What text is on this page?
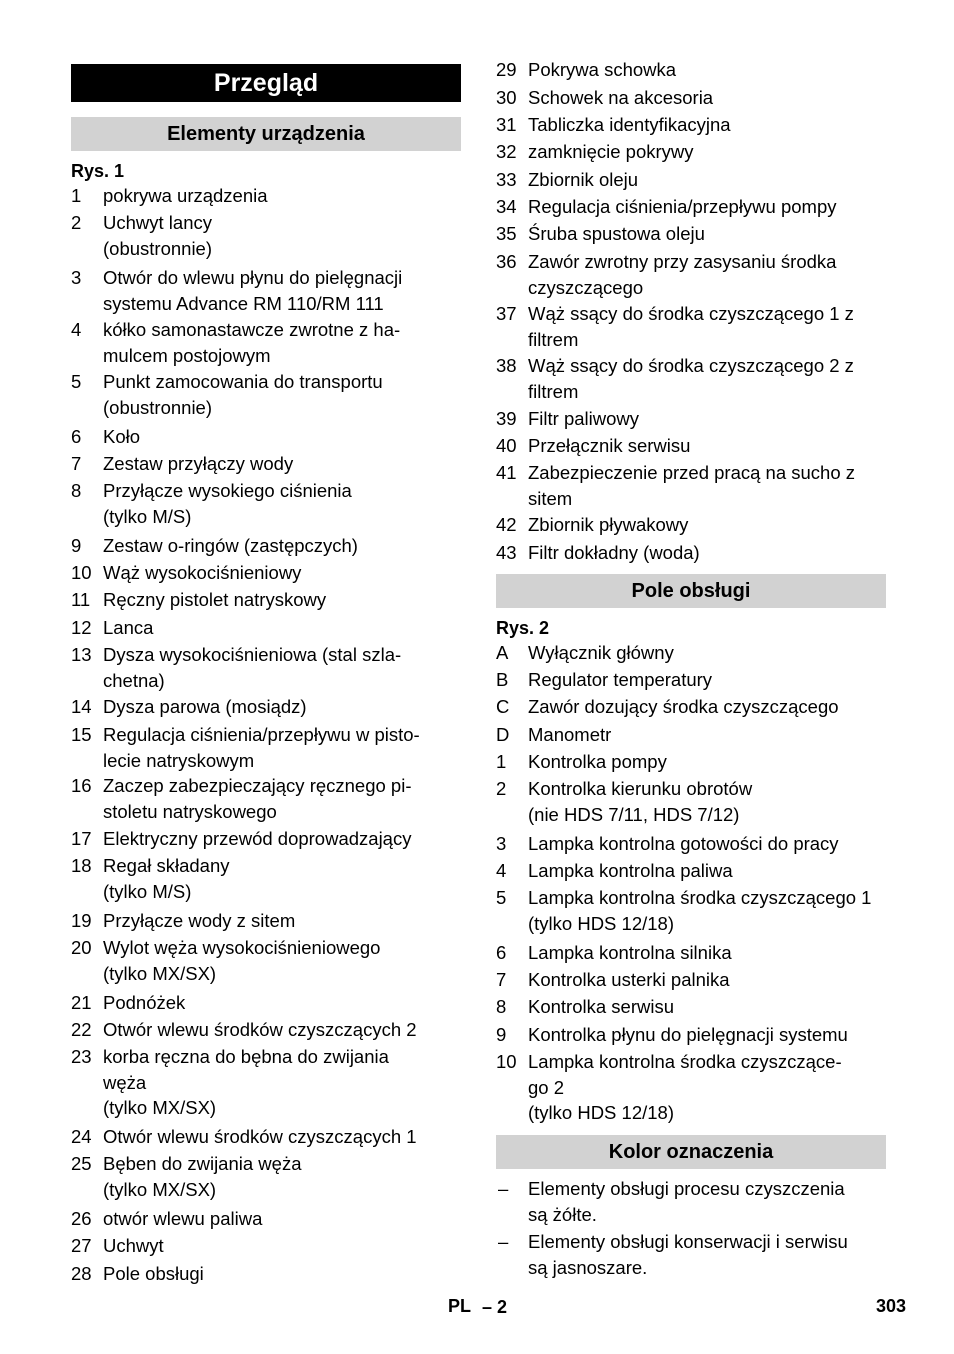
Przegląd
Elementy urządzenia
Rys. 1
1 pokrywa urządzenia
2 Uchwyt lancy
(obustronnie)
3 Otwór do wlewu płynu do pielęgnacji
systemu Advance RM 110/RM 111
4 kółko samonastawcze zwrotne z ha-
mulcem postojowym
5 Punkt zamocowania do transportu
(obustronnie)
6 Koło
7 Zestaw przyłączy wody
8 Przyłącze wysokiego ciśnienia
(tylko M/S)
9 Zestaw o-ringów (zastępczych)
10 Wąż wysokociśnieniowy
11 Ręczny pistolet natryskowy
12 Lanca
13 Dysza wysokociśnieniowa (stal szla-
chetna)
14 Dysza parowa (mosiądz)
15 Regulacja ciśnienia/przepływu w pisto-
lecie natryskowym
16 Zaczep zabezpieczający ręcznego pi-
stoletu natryskowego
17 Elektryczny przewód doprowadzający
18 Regał składany
(tylko M/S)
19 Przyłącze wody z sitem
20 Wylot węża wysokociśnieniowego
(tylko MX/SX)
21 Podnóżek
22 Otwór wlewu środków czyszczących 2
23 korba ręczna do bębna do zwijania
węża
(tylko MX/SX)
24 Otwór wlewu środków czyszczących 1
25 Bęben do zwijania węża
(tylko MX/SX)
26 otwór wlewu paliwa
27 Uchwyt
28 Pole obsługi
29 Pokrywa schowka
30 Schowek na akcesoria
31 Tabliczka identyfikacyjna
32 zamknięcie pokrywy
33 Zbiornik oleju
34 Regulacja ciśnienia/przepływu pompy
35 Śruba spustowa oleju
36 Zawór zwrotny przy zasysaniu środka
czyszczącego
37 Wąż ssący do środka czyszczącego 1 z
filtrem
38 Wąż ssący do środka czyszczącego 2 z
filtrem
39 Filtr paliwowy
40 Przełącznik serwisu
41 Zabezpieczenie przed pracą na sucho z
sitem
42 Zbiornik pływakowy
43 Filtr dokładny (woda)
Pole obsługi
Rys. 2
A Wyłącznik główny
B Regulator temperatury
C Zawór dozujący środka czyszczącego
D Manometr
1 Kontrolka pompy
2 Kontrolka kierunku obrotów
(nie HDS 7/11, HDS 7/12)
3 Lampka kontrolna gotowości do pracy
4 Lampka kontrolna paliwa
5 Lampka kontrolna środka czyszczącego 1
(tylko HDS 12/18)
6 Lampka kontrolna silnika
7 Kontrolka usterki palnika
8 Kontrolka serwisu
9 Kontrolka płynu do pielęgnacji systemu
10 Lampka kontrolna środka czyszczące-
go 2
(tylko HDS 12/18)
Kolor oznaczenia
– Elementy obsługi procesu czyszczenia
są żółte.
– Elementy obsługi konserwacji i serwisu
są jasnoszare.
PL – 2	303
